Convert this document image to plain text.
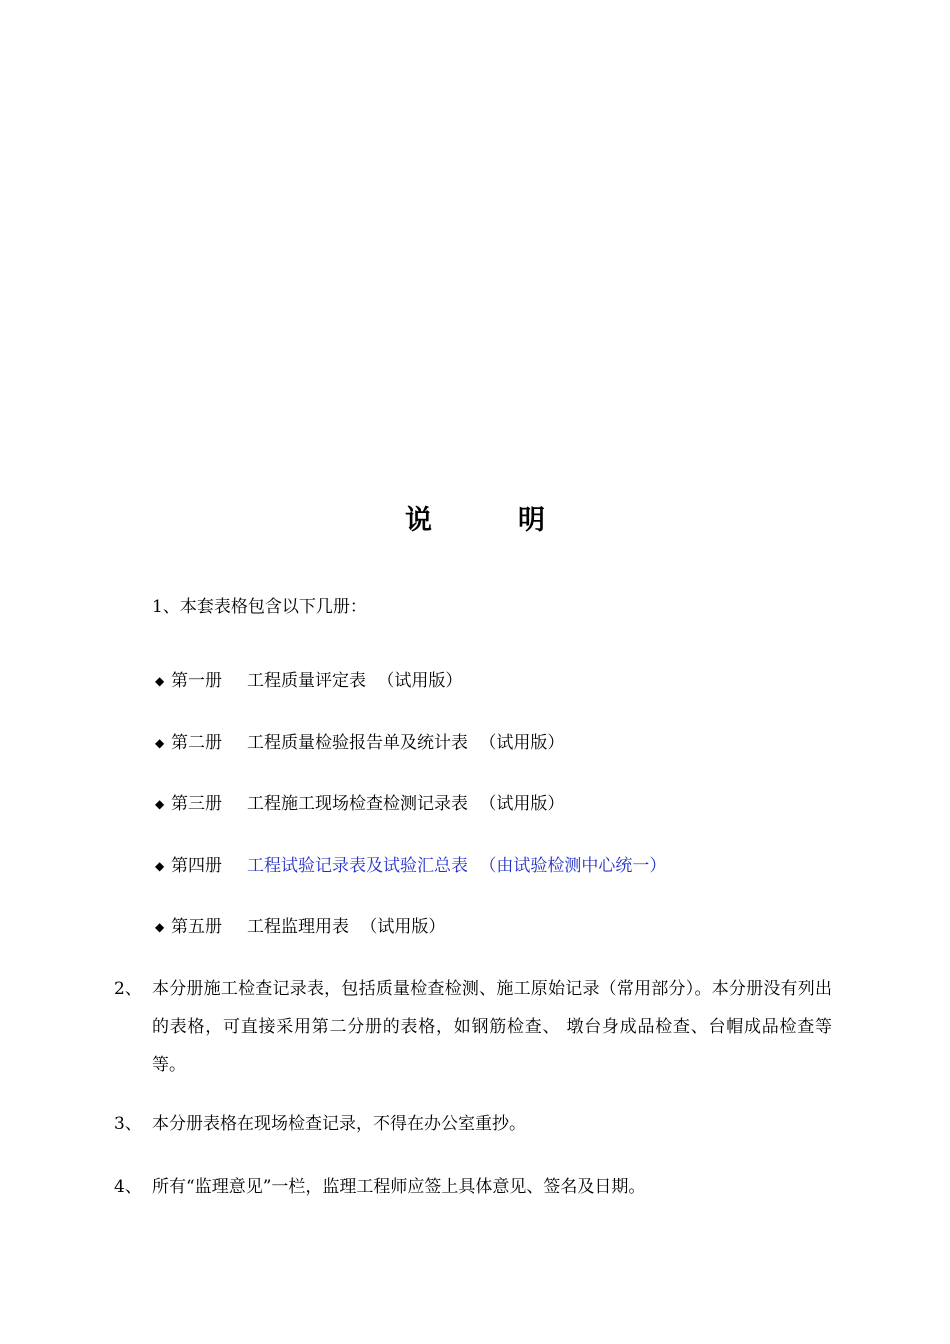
说	明
1、本套表格包含以下几册：
◆ 第一册 工程质量评定表 （试用版）
◆ 第二册 工程质量检验报告单及统计表 （试用版）
◆ 第三册 工程施工现场检查检测记录表 （试用版）
◆ 第四册 工程试验记录表及试验汇总表 （由试验检测中心统一）
◆ 第五册 工程监理用表 （试用版）
2、 本分册施工检查记录表，包括质量检查检测、施工原始记录（常用部分）。本分册没有列出的表格，可直接采用第二分册的表格，如钢筋检查、 墩台身成品检查、台帽成品检查等等。
3、 本分册表格在现场检查记录，不得在办公室重抄。
4、 所有“监理意见”一栏，监理工程师应签上具体意见、签名及日期。
